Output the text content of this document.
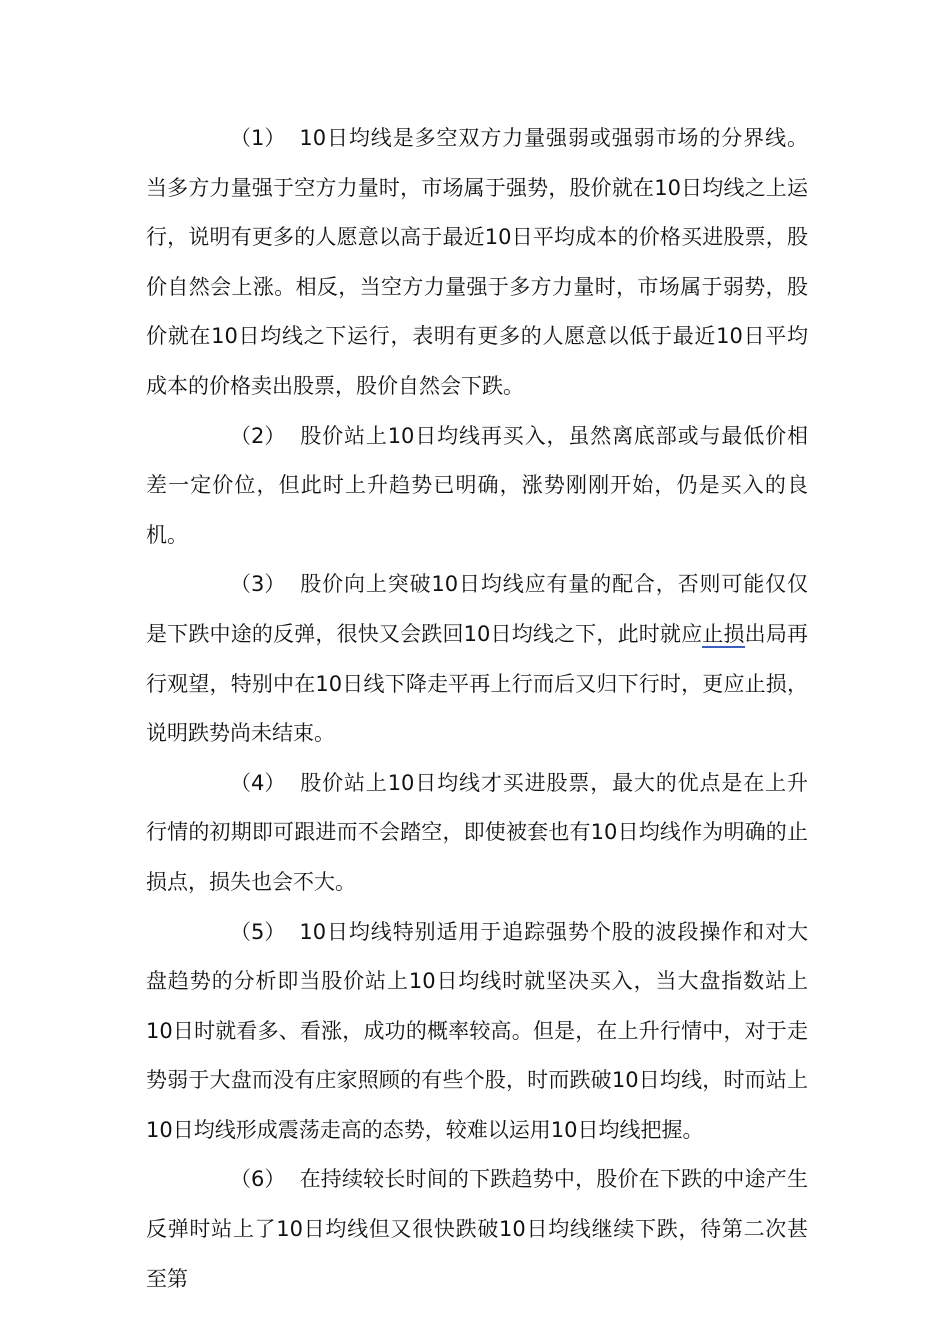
（1） 10日均线是多空双方力量强弱或强弱市场的分界线。当多方力量强于空方力量时，市场属于强势，股价就在10日均线之上运行，说明有更多的人愿意以高于最近10日平均成本的价格买进股票，股价自然会上涨。相反，当空方力量强于多方力量时，市场属于弱势，股价就在10日均线之下运行，表明有更多的人愿意以低于最近10日平均成本的价格卖出股票，股价自然会下跌。

（2） 股价站上10日均线再买入，虽然离底部或与最低价相差一定价位，但此时上升趋势已明确，涨势刚刚开始，仍是买入的良机。

（3） 股价向上突破10日均线应有量的配合，否则可能仅仅是下跌中途的反弹，很快又会跌回10日均线之下，此时就应止损出局再行观望，特别中在10日线下降走平再上行而后又归下行时，更应止损，说明跌势尚未结束。

（4） 股价站上10日均线才买进股票，最大的优点是在上升行情的初期即可跟进而不会踏空，即使被套也有10日均线作为明确的止损点，损失也会不大。

（5） 10日均线特别适用于追踪强势个股的波段操作和对大盘趋势的分析即当股价站上10日均线时就坚决买入，当大盘指数站上10日时就看多、看涨，成功的概率较高。但是，在上升行情中，对于走势弱于大盘而没有庄家照顾的有些个股，时而跌破10日均线，时而站上10日均线形成震荡走高的态势，较难以运用10日均线把握。

（6） 在持续较长时间的下跌趋势中，股价在下跌的中途产生反弹时站上了10日均线但又很快跌破10日均线继续下跌，待第二次甚至第
